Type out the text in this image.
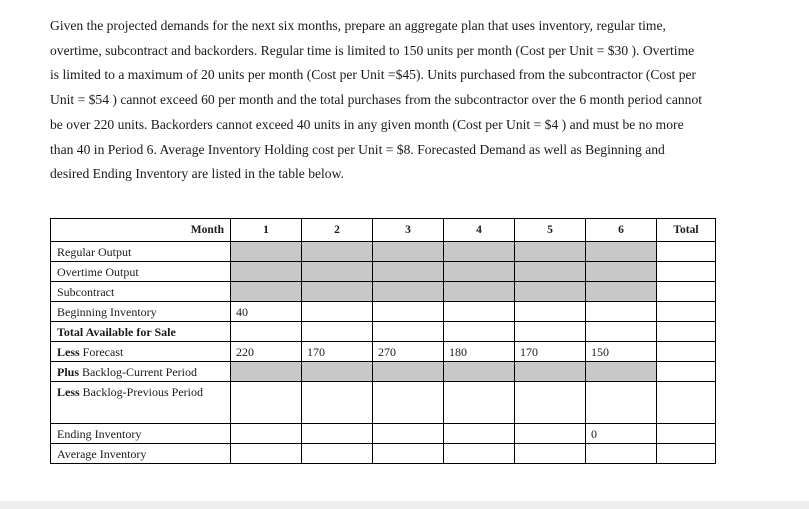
Given the projected demands for the next six months, prepare an aggregate plan that uses inventory, regular time,
overtime, subcontract and backorders. Regular time is limited to 150 units per month (Cost per Unit = $30 ). Overtime
is limited to a maximum of 20 units per month (Cost per Unit =$45). Units purchased from the subcontractor (Cost per
Unit = $54 ) cannot exceed 60 per month and the total purchases from the subcontractor over the 6 month period cannot
be over 220 units. Backorders cannot exceed 40 units in any given month (Cost per Unit = $4 ) and must be no more
than 40 in Period 6. Average Inventory Holding cost per Unit = $8. Forecasted Demand as well as Beginning and
desired Ending Inventory are listed in the table below.
Month	1	2	3	4	5	6	Total
Regular Output							
Overtime Output							
Subcontract							
Beginning Inventory	40						
Total Available for Sale							
Less Forecast	220	170	270	180	170	150	
Plus Backlog-Current Period							
Less Backlog-Previous Period							
Ending Inventory						0	
Average Inventory							
